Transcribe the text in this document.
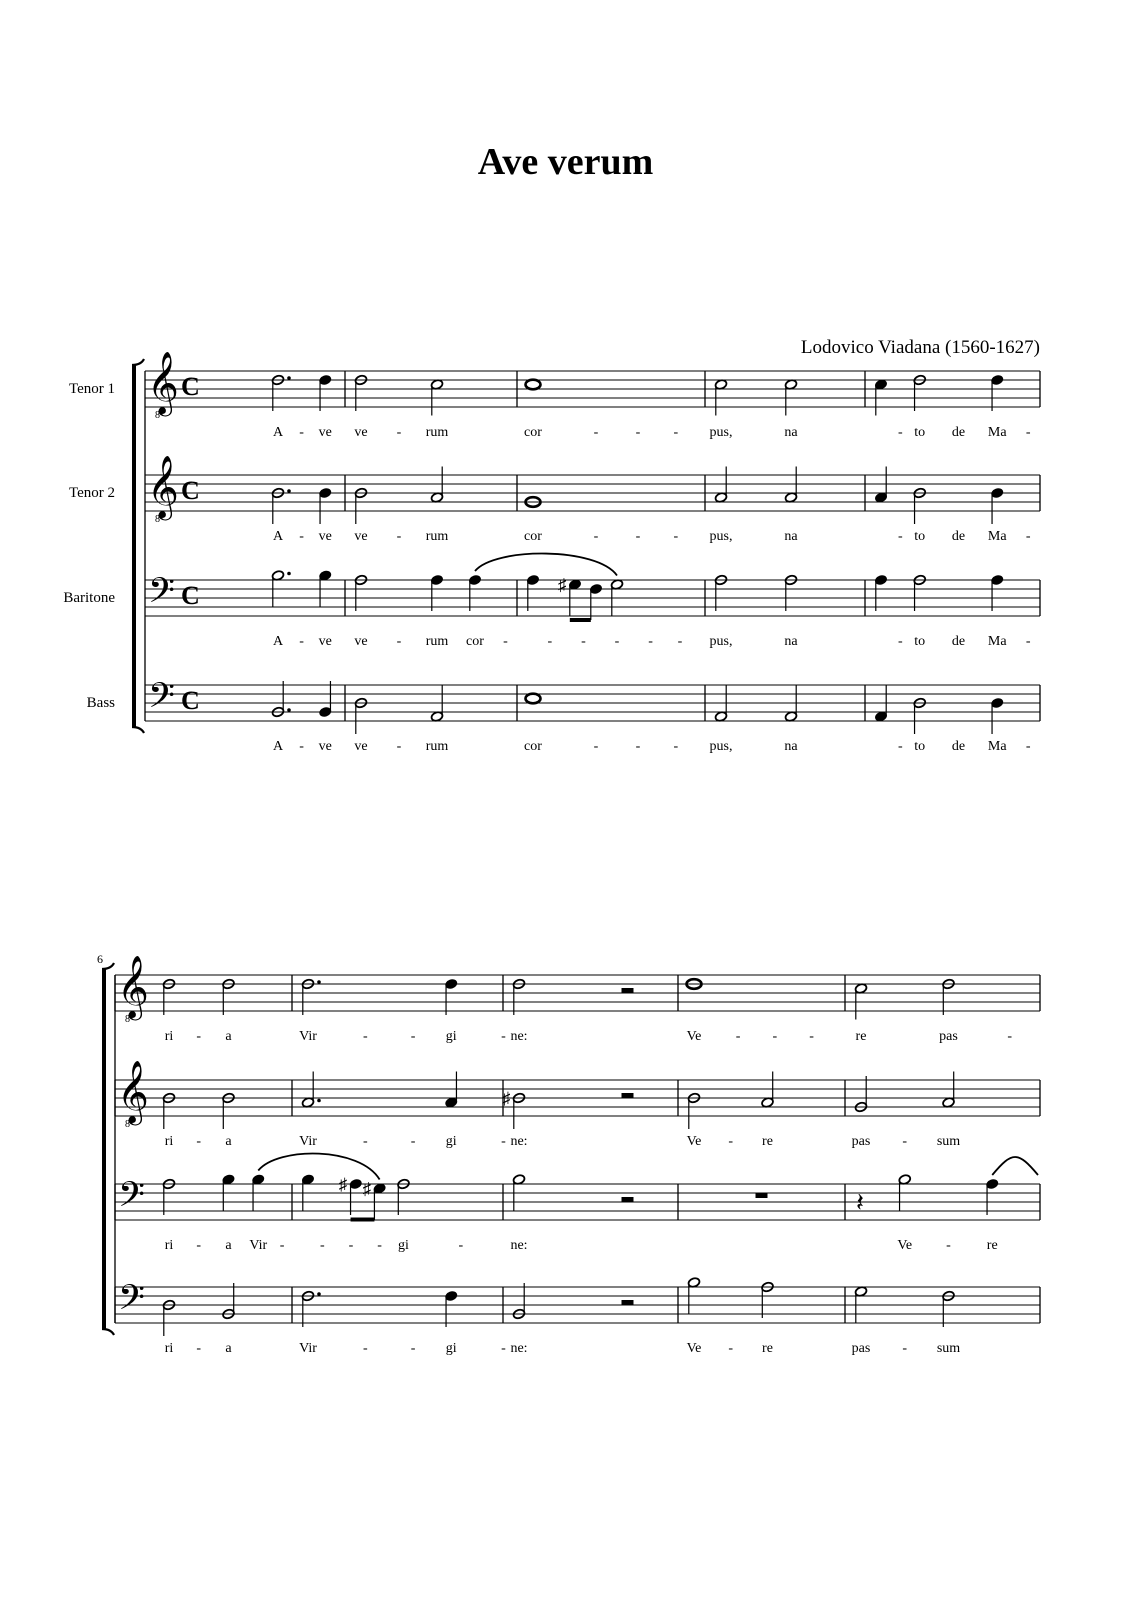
Ave verum
Lodovico Viadana (1560-1627)
Tenor 1 𝄞
8
C
A - ve ve - rum	cor	-	- - pus,	na	- to de Ma -
Tenor 2 𝄞
8
C
A - ve ve - rum	cor	-	- - pus,	na	- to de Ma -
Baritone 𝄢 C	♯
A - ve ve - rum cor -	- - - - - pus,	na	- to de Ma -
Bass 𝄢 C
A - ve ve - rum	cor	-	- - pus,	na	- to de Ma -
6 𝄞
8
ri - a	Vir	-	- gi	- ne:	Ve - - -	re	pas	-
𝄞
8
♯
ri - a	Vir	-	- gi	- ne:	Ve - re	pas - sum
𝄢	♯ ♯	𝄽
ri - a Vir -	- - - gi	-	ne:	Ve -	re
𝄢
ri - a	Vir	-	- gi	- ne:	Ve - re	pas - sum
